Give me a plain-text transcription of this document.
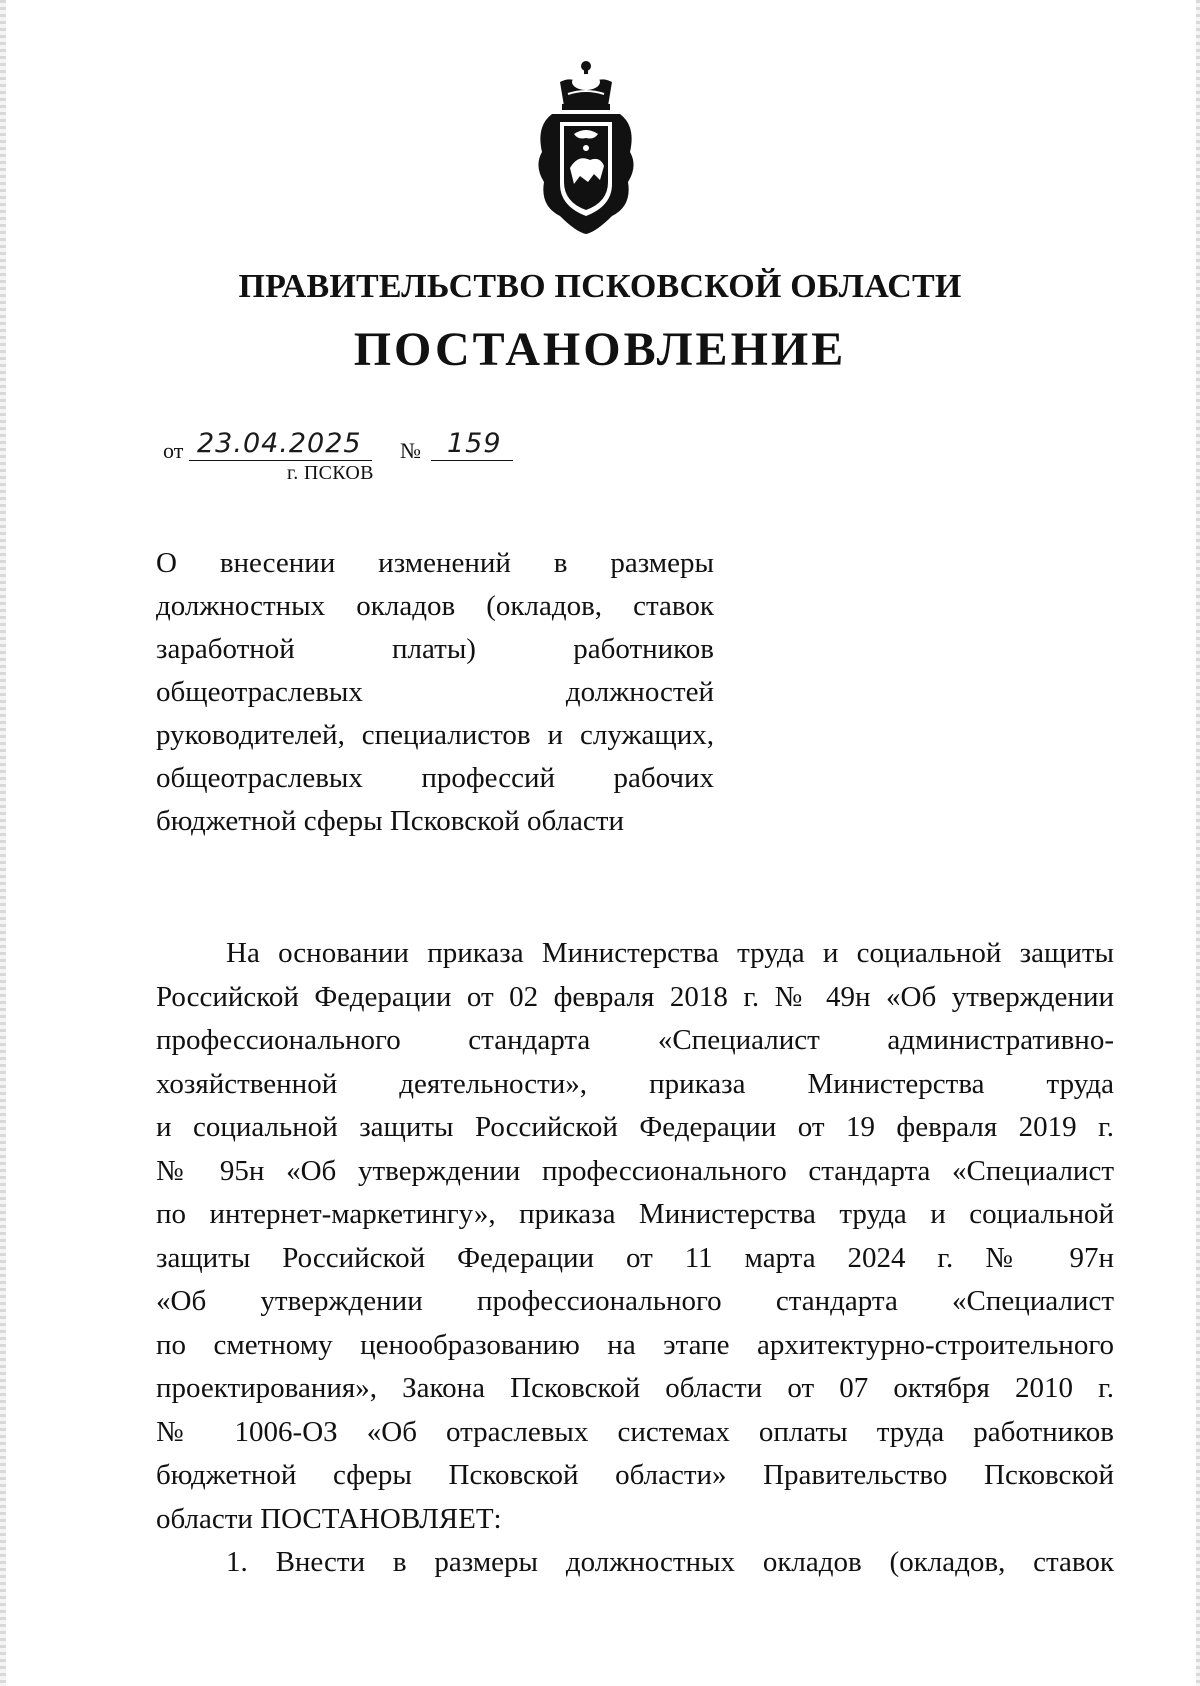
ПРАВИТЕЛЬСТВО ПСКОВСКОЙ ОБЛАСТИ
ПОСТАНОВЛЕНИЕ
от 23.04.2025 № 159
г. ПСКОВ
О внесении изменений в размеры
должностных окладов (окладов, ставок
заработной платы) работников
общеотраслевых должностей
руководителей, специалистов и служащих,
общеотраслевых профессий рабочих
бюджетной сферы Псковской области
На основании приказа Министерства труда и социальной защиты
Российской Федерации от 02 февраля 2018 г. № 49н «Об утверждении
профессионального стандарта «Специалист административно-
хозяйственной деятельности», приказа Министерства труда
и социальной защиты Российской Федерации от 19 февраля 2019 г.
№ 95н «Об утверждении профессионального стандарта «Специалист
по интернет-маркетингу», приказа Министерства труда и социальной
защиты Российской Федерации от 11 марта 2024 г. № 97н
«Об утверждении профессионального стандарта «Специалист
по сметному ценообразованию на этапе архитектурно-строительного
проектирования», Закона Псковской области от 07 октября 2010 г.
№ 1006-ОЗ «Об отраслевых системах оплаты труда работников
бюджетной сферы Псковской области» Правительство Псковской
области ПОСТАНОВЛЯЕТ:
1. Внести в размеры должностных окладов (окладов, ставок
